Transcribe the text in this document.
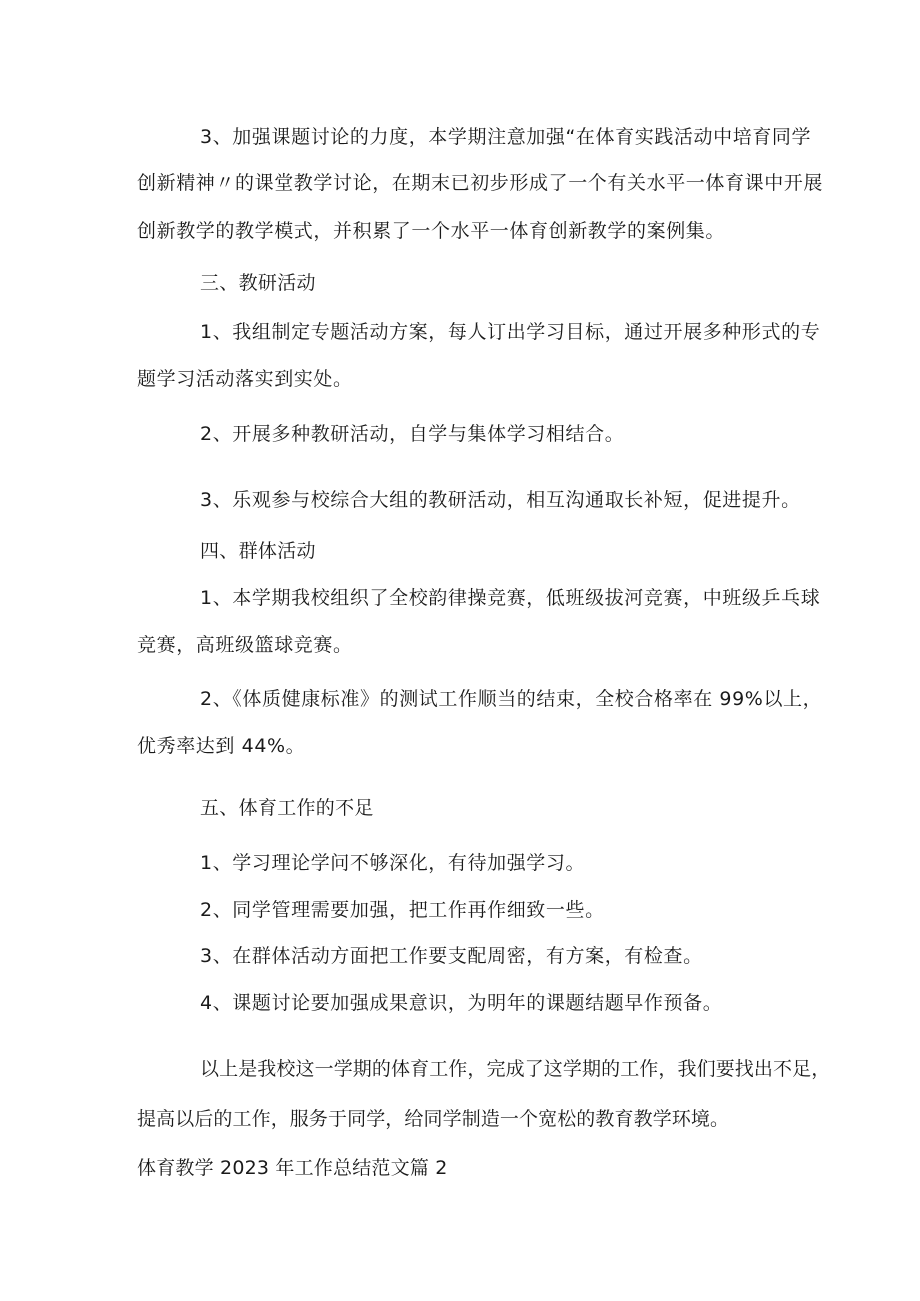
3、加强课题讨论的力度，本学期注意加强“在体育实践活动中培育同学
创新精神〃的课堂教学讨论，在期末已初步形成了一个有关水平一体育课中开展
创新教学的教学模式，并积累了一个水平一体育创新教学的案例集。
三、教研活动
1、我组制定专题活动方案，每人订出学习目标，通过开展多种形式的专
题学习活动落实到实处。
2、开展多种教研活动，自学与集体学习相结合。
3、乐观参与校综合大组的教研活动，相互沟通取长补短，促进提升。
四、群体活动
1、本学期我校组织了全校韵律操竞赛，低班级拔河竞赛，中班级乒乓球
竞赛，高班级篮球竞赛。
2、《体质健康标准》的测试工作顺当的结束，全校合格率在 99%以上，
优秀率达到 44%。
五、体育工作的不足
1、学习理论学问不够深化，有待加强学习。
2、同学管理需要加强，把工作再作细致一些。
3、在群体活动方面把工作要支配周密，有方案，有检查。
4、课题讨论要加强成果意识，为明年的课题结题早作预备。
以上是我校这一学期的体育工作，完成了这学期的工作，我们要找出不足，
提高以后的工作，服务于同学，给同学制造一个宽松的教育教学环境。
体育教学 2023 年工作总结范文篇 2
